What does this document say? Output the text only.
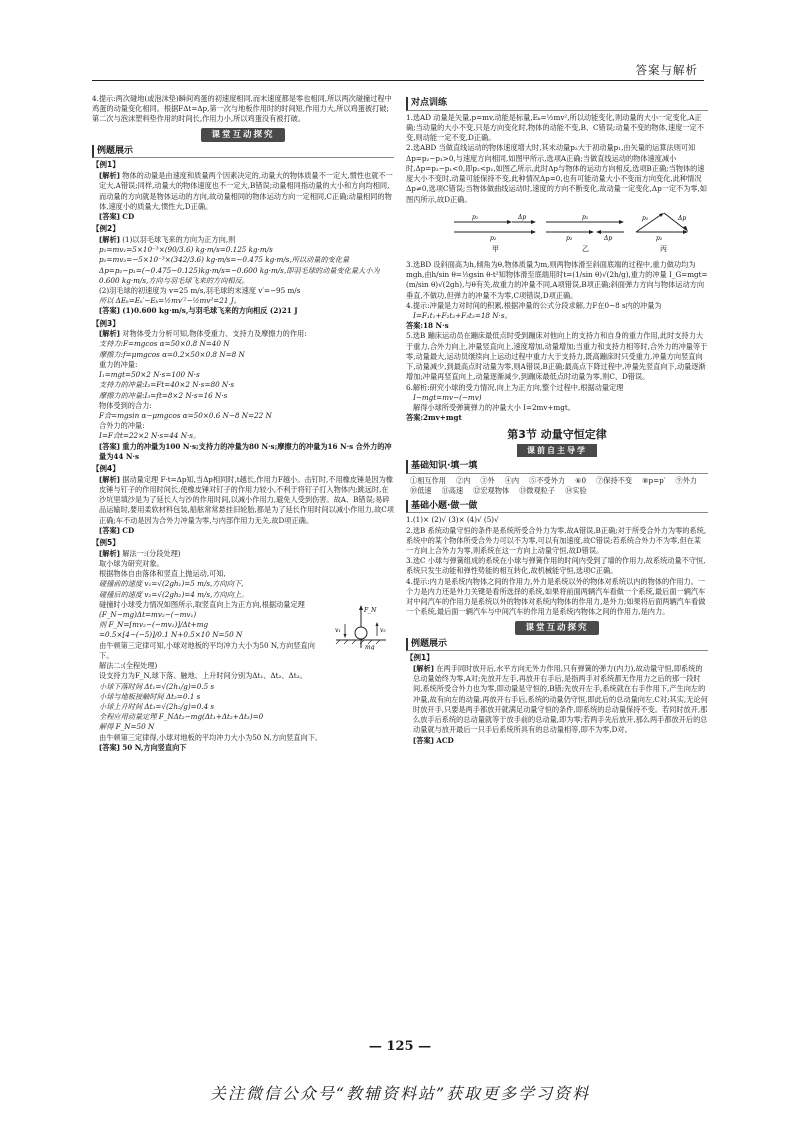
答案与解析

4.提示:两次碰地(或泡沫垫)瞬间鸡蛋的初速度相同,而末速度都是零也相同,所以两次碰撞过程中鸡蛋的动量变化相同。根据FΔt=Δp,第一次与地板作用时的时间短,作用力大,所以鸡蛋被打破;第二次与泡沫塑料垫作用的时间长,作用力小,所以鸡蛋没有被打破。

课堂互动探究
例题展示
【例1】

[解析] 物体的动量是由速度和质量两个因素决定的,动量大的物体质量不一定大,惯性也就不一定大,A错误;同样,动量大的物体速度也不一定大,B错误;动量相同指动量的大小和方向均相同,而动量的方向就是物体运动的方向,故动量相同的物体运动方向一定相同,C正确;动量相同的物体,速度小的质量大,惯性大,D正确。

[答案] CD

【例2】

[解析] (1)以羽毛球飞来的方向为正方向,则

p₁=mv₁=5×10⁻³×(90/3.6) kg·m/s=0.125 kg·m/s

p₂=mv₂=−5×10⁻³×(342/3.6) kg·m/s=−0.475 kg·m/s,所以动量的变化量 Δp=p₂−p₁=(−0.475−0.125)kg·m/s=−0.600 kg·m/s,即羽毛球的动量变化量大小为0.600 kg·m/s,方向与羽毛球飞来的方向相反。

(2)羽毛球的初速度为 v=25 m/s,羽毛球的末速度 v′=−95 m/s

所以 ΔEₖ=Eₖ′−Eₖ=½mv′²−½mv²=21 J。

[答案] (1)0.600 kg·m/s,与羽毛球飞来的方向相反 (2)21 J

【例3】

[解析] 对物体受力分析可知,物体受重力、支持力及摩擦力的作用:

支持力:F=mgcos α=50×0.8 N=40 N

摩擦力:f=μmgcos α=0.2×50×0.8 N=8 N

重力的冲量:

I₁=mgt=50×2 N·s=100 N·s

支持力的冲量:I₂=Ft=40×2 N·s=80 N·s

摩擦力的冲量:I₃=ft=8×2 N·s=16 N·s

物体受到的合力:

F合=mgsin α−μmgcos α=50×0.6 N−8 N=22 N

合外力的冲量:

I=F合t=22×2 N·s=44 N·s。

[答案] 重力的冲量为100 N·s;支持力的冲量为80 N·s;摩擦力的冲量为16 N·s 合外力的冲量为44 N·s

【例4】

[解析] 据动量定理 F·t=Δp知,当Δp相同时,t越长,作用力F越小。击钉时,不用橡皮锤是因为橡皮锤与钉子的作用时间长,使橡皮锤对钉子的作用力较小,不利于将钉子打入物体内;跳远时,在沙坑里填沙是为了延长人与沙的作用时间,以减小作用力,避免人受到伤害。故A、B错误;易碎品运输时,要用柔软材料包装,船舷常常悬挂旧轮胎,都是为了延长作用时间以减小作用力,故C项正确;车不动是因为合外力冲量为零,与内部作用力无关,故D项正确。

[答案] CD

【例5】

[解析] 解法一:(分段处理)

取小球为研究对象。

根据物体自由落体和竖直上抛运动,可知,

碰撞前的速度 v₁=√(2gh₁)=5 m/s,方向向下,

碰撞后的速度 v₂=√(2gh₂)=4 m/s,方向向上。

F_N
v₁	v₂
mg

碰撞时小球受力情况如图所示,取竖直向上为正方向,根据动量定理

(F_N−mg)Δt=mv₂−(−mv₁)

则 F_N=[mv₂−(−mv₁)]/Δt+mg

=0.5×[4−(−5)]/0.1 N+0.5×10 N=50 N

由牛顿第三定律可知,小球对地板的平均冲力大小为50 N,方向竖直向下。

解法二:(全程处理)

设支持力为F_N,球下落、触地、上升时间分别为Δt₁、Δt₂、Δt₃。

小球下落时间 Δt₁=√(2h₁/g)=0.5 s

小球与地板接触时间 Δt₂=0.1 s

小球上升时间 Δt₃=√(2h₂/g)=0.4 s

全程应用动量定理 F_NΔt₂−mg(Δt₁+Δt₂+Δt₃)=0

解得 F_N=50 N

由牛顿第三定律得,小球对地板的平均冲力大小为50 N,方向竖直向下。

[答案] 50 N,方向竖直向下

对点训练

1.选AD 动量是矢量,p=mv,动能是标量,Eₖ=½mv²,所以动能变化,则动量的大小一定变化,A正确;当动量的大小不变,只是方向变化时,物体的动能不变,B、C错误;动量不变的物体,速度一定不变,则动能一定不变,D正确。

2.选ABD 当做直线运动的物体速度增大时,其末动量p₂大于初动量p₁,由矢量的运算法则可知Δp=p₂−p₁>0,与速度方向相同,如图甲所示,选项A正确;当做直线运动的物体速度减小时,Δp=p₂−p₁<0,即p₂<p₁,如图乙所示,此时Δp与物体的运动方向相反,选项B正确;当物体的速度大小不变时,动量可能保持不变,此种情况Δp=0,也有可能动量大小不变而方向变化,此种情况Δp≠0,选项C错误;当物体做曲线运动时,速度的方向不断变化,故动量一定变化,Δp一定不为零,如图丙所示,故D正确。

p₁	Δp
p₂
甲
p₁
p₂	Δp
乙
p₁
p₂
Δp
丙

3.选BD 设斜面高为h,倾角为θ,物体质量为m,则两物体滑至斜面底端的过程中,重力做功均为mgh,由h/sin θ=½gsin θ·t²知物体滑至底端用时t=(1/sin θ)√(2h/g),重力的冲量 I_G=mgt=(m/sin θ)√(2gh),与θ有关,故重力的冲量不同,A项错误,B项正确;斜面弹力方向与物体运动方向垂直,不做功,但弹力的冲量不为零,C项错误,D项正确。

4.提示:冲量是力对时间的积累,根据冲量的公式分段求解,力F在0~8 s内的冲量为

I=F₁t₁+F₂t₂+F₃t₃=18 N·s。

答案:18 N·s

5.选B 蹦床运动员在蹦床最低点时受到蹦床对他向上的支持力和自身的重力作用,此时支持力大于重力,合外力向上,冲量竖直向上,速度增加,动量增加;当重力和支持力相等时,合外力的冲量等于零,动量最大,运动员继续向上运动过程中重力大于支持力,既高蹦床时只受重力,冲量方向竖直向下,动量减少,到最高点时动量为零,则A错误,B正确;最高点下降过程中,冲量先竖直向下,动量逐渐增加;冲量再竖直向上,动量逐渐减少,到蹦床最低点时动量为零,则C、D错误。

6.解析:研究小球的受力情况,向上为正方向,整个过程中,根据动量定理

I−mgt=mv−(−mv)

解得小球所受弹簧弹力的冲量大小 I=2mv+mgt。

答案:2mv+mgt

第3节 动量守恒定律
课前自主导学
基础知识·填一填
①相互作用 ②内 ③外 ④内 ⑤不受外力 ⑥0 ⑦保持不变 ⑧p=p′ ⑨外力
⑩低速 ⑪高速 ⑫宏观物体 ⑬微观粒子 ⑭实验
基础小题·做一做

1.(1)× (2)√ (3)× (4)√ (5)√

2.选B 系统动量守恒的条件是系统所受合外力为零,故A错误,B正确;对于所受合外力为零的系统,系统中的某个物体所受合外力可以不为零,可以有加速度,故C错误;若系统合外力不为零,但在某一方向上合外力为零,则系统在这一方向上动量守恒,故D错误。

3.选C 小球与弹簧组成的系统在小球与弹簧作用的时间内受到了墙的作用力,故系统动量不守恒,系统只发生动能和弹性势能的相互转化,故机械能守恒,选项C正确。

4.提示:内力是系统内物体之间的作用力,外力是系统以外的物体对系统以内的物体的作用力。一个力是内力还是外力关键是看所选择的系统,如果将前面两辆汽车看做一个系统,最后面一辆汽车对中间汽车的作用力是系统以外的物体对系统内物体的作用力,是外力;如果将后面两辆汽车看做一个系统,最后面一辆汽车与中间汽车的作用力是系统内物体之间的作用力,是内力。

课堂互动探究
例题展示
【例1】

[解析] 在两手同时放开后,水平方向无外力作用,只有弹簧的弹力(内力),故动量守恒,即系统的总动量始终为零,A对;先放开左手,再放开右手后,是指两手对系统都无作用力之后的那一段时间,系统所受合外力也为零,即动量是守恒的,B错;先放开左手,系统就在右手作用下,产生向左的冲量,故有向左的动量,再放开右手后,系统的动量仍守恒,即此后的总动量向左,C对;其实,无论何时放开手,只要是两手都放开就满足动量守恒的条件,即系统的总动量保持不变。若同时放开,那么放手后系统的总动量就等于放手前的总动量,即为零;若两手先后放开,那么两手都放开后的总动量就与放开最后一只手后系统所具有的总动量相等,即不为零,D对。

[答案] ACD

— 125 —
关注微信公众号“教辅资料站”获取更多学习资料
